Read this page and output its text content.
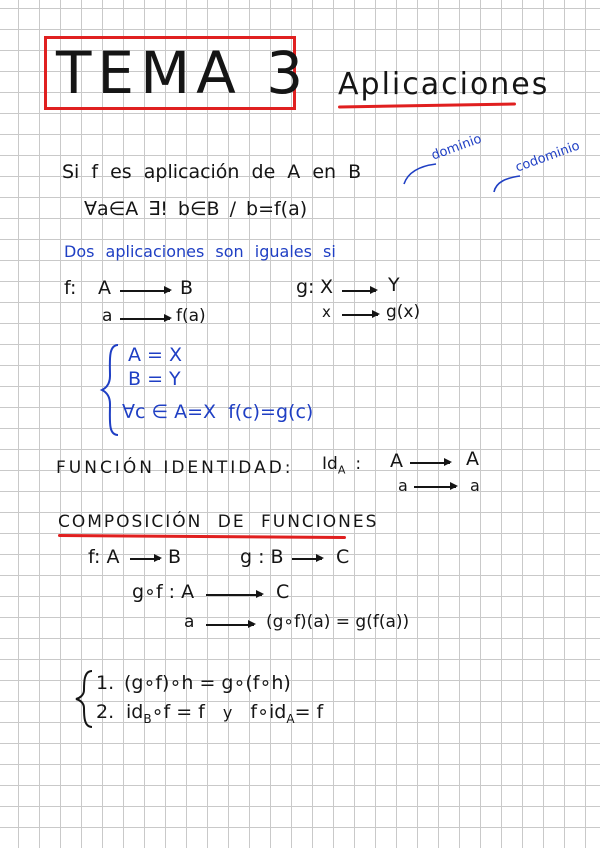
TEMA 3 Aplicaciones
dominio codominio
Si f es aplicación de A en B
∀a∈A ∃! b∈B / b=f(a)
Dos aplicaciones son iguales si
f: A	B
a	f(a)
g: X	Y
x	g(x)
A = X
B = Y
∀c ∈ A=X  f(c)=g(c)
FUNCIÓN IDENTIDAD: $Id_A$ : A	A
a	a
COMPOSICIÓN DE FUNCIONES
f: A	B	g : B	C
g∘f : A	C
a	(g∘f)(a) = g(f(a))
1. (g∘f)∘h = g∘(f∘h)
2. $id_B\circ f = f$ y $f\circ id_A= f$
